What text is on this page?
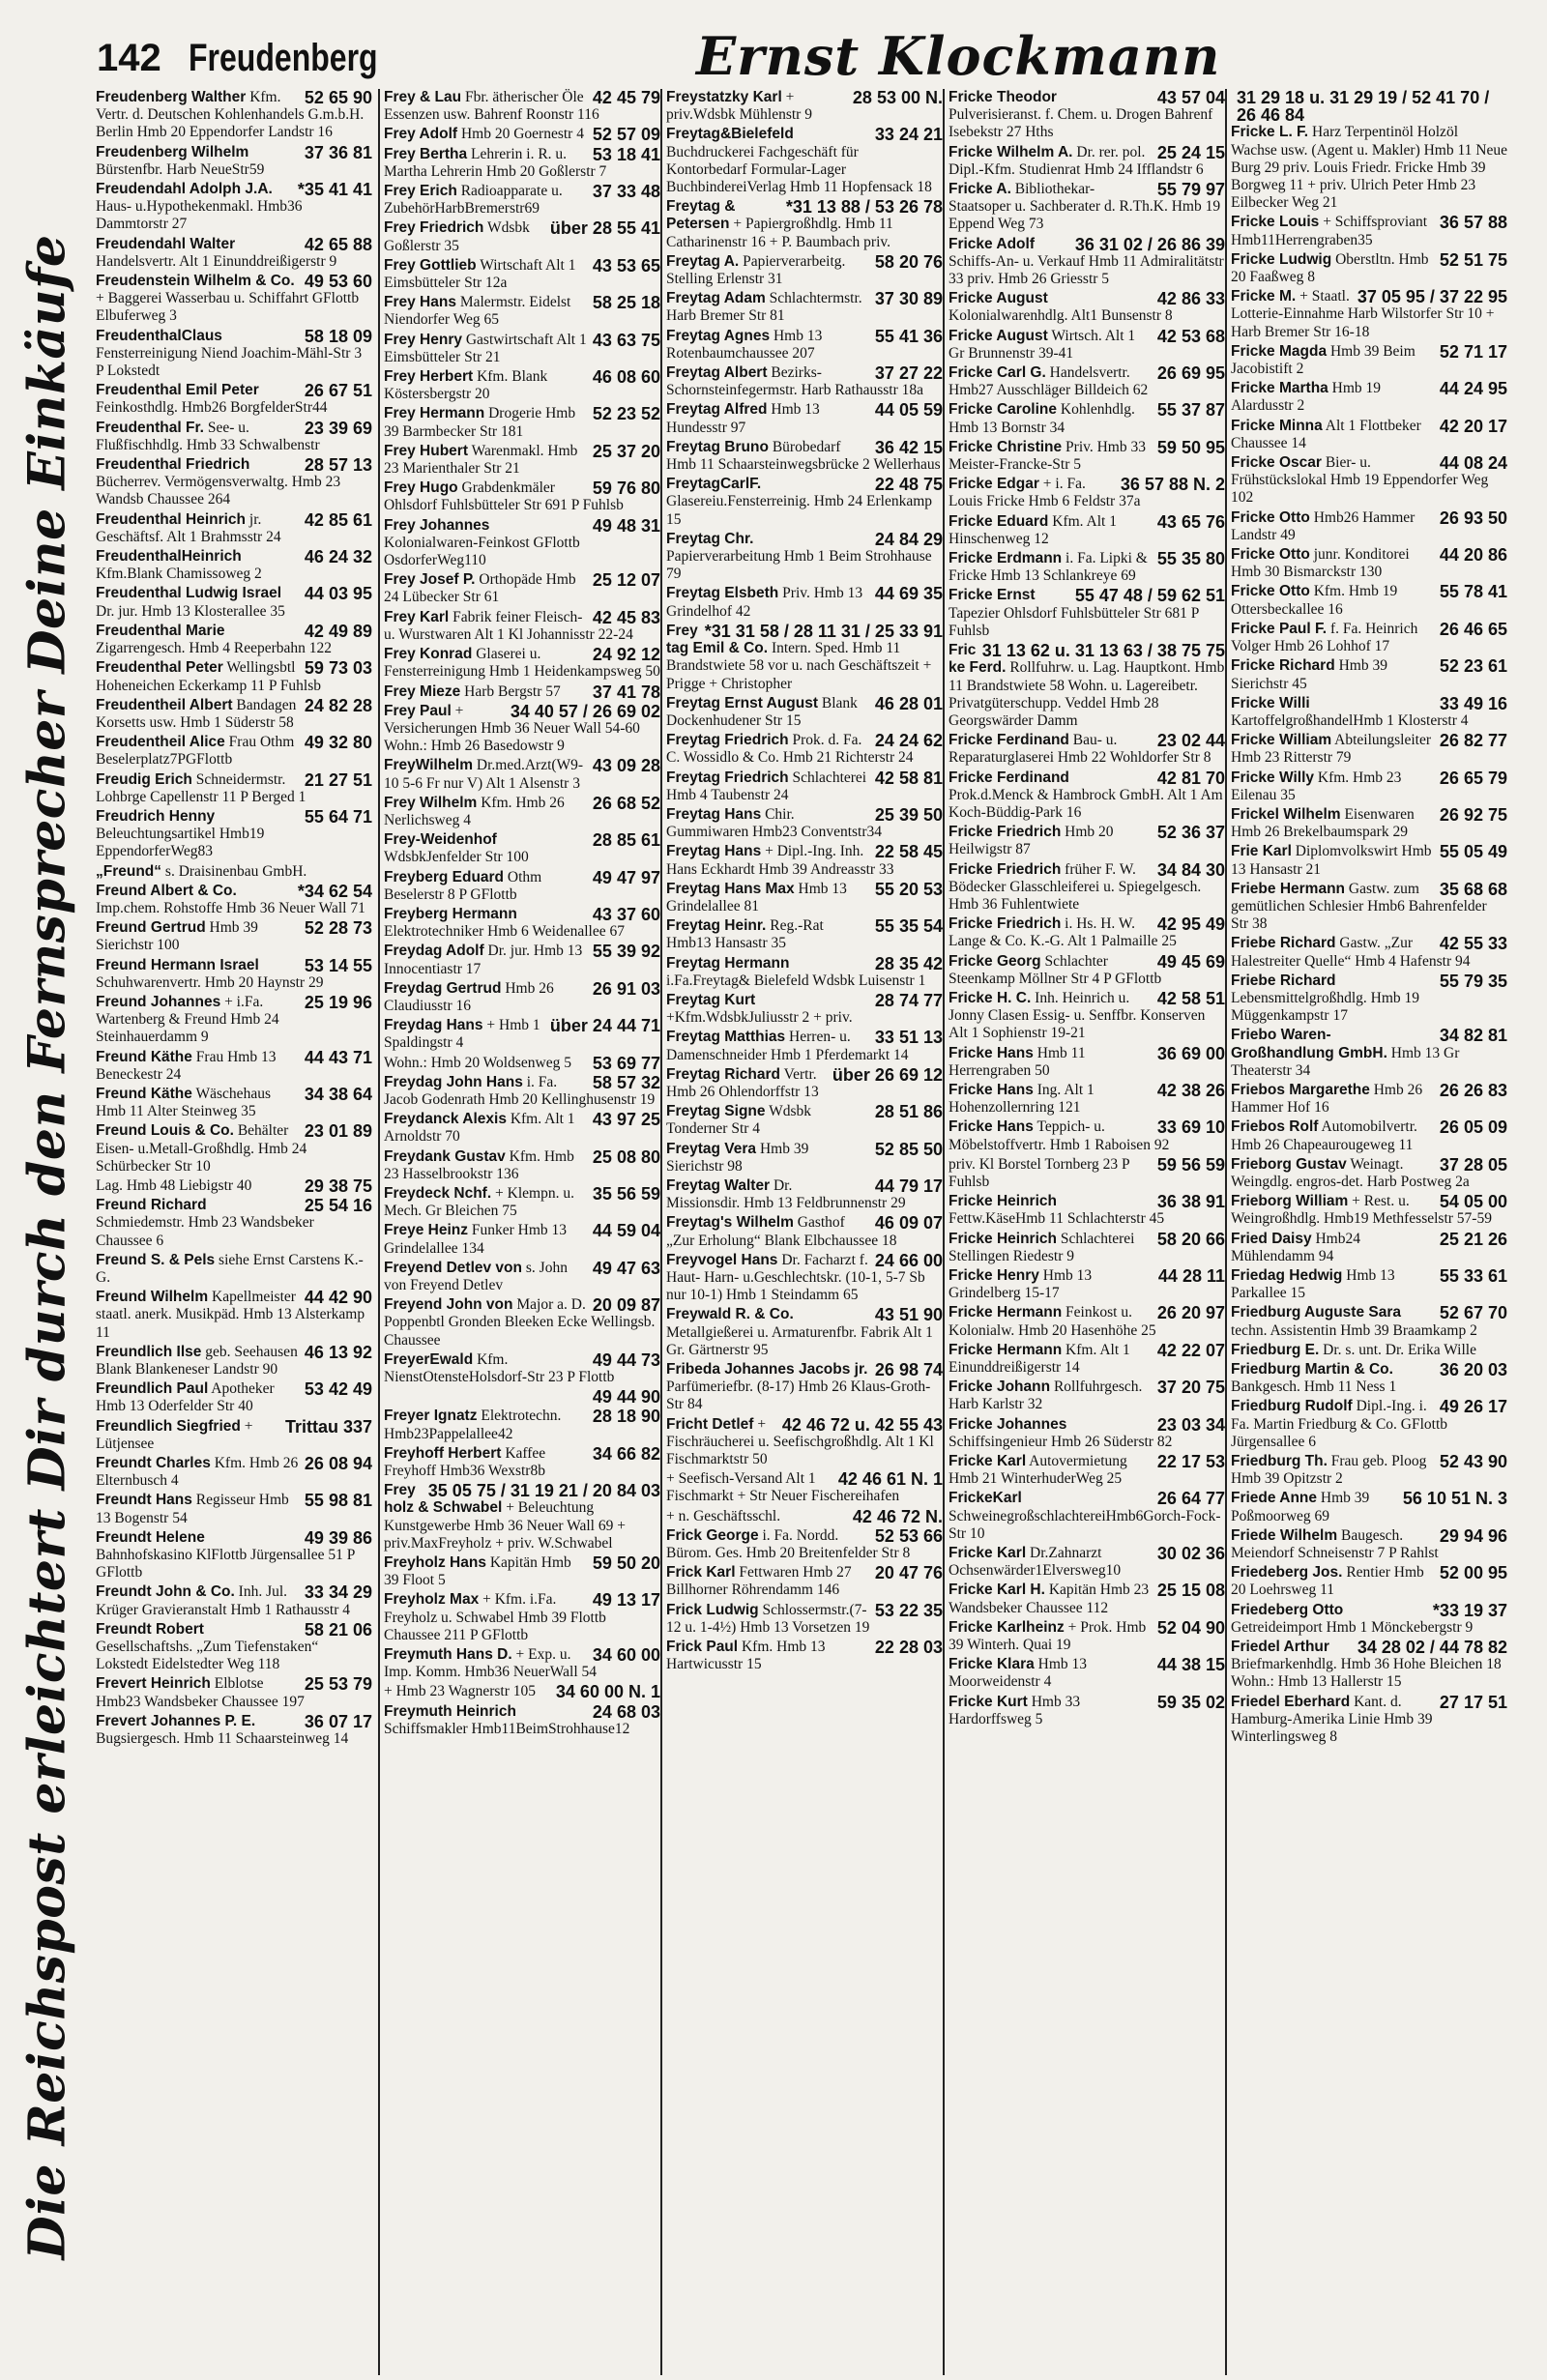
142 Freudenberg	Ernst Klockmann
Die Reichspost erleichtert Dir durch den Fernsprecher Deine Einkäufe
52 65 90
Freudenberg Walther Kfm. Vertr. d. Deutschen Kohlenhandels G.m.b.H. Berlin Hmb 20 Eppendorfer Landstr 16
37 36 81
Freudenberg Wilhelm Bürstenfbr. Harb NeueStr59
*35 41 41
Freudendahl Adolph J.A. Haus- u.Hypothekenmakl. Hmb36 Dammtorstr 27
42 65 88
Freudendahl Walter Handelsvertr. Alt 1 Einunddreißigerstr 9
49 53 60
Freudenstein Wilhelm & Co. + Baggerei Wasserbau u. Schiffahrt GFlottb Elbuferweg 3
58 18 09
FreudenthalClaus Fensterreinigung Niend Joachim-Mähl-Str 3 P Lokstedt
26 67 51
Freudenthal Emil Peter Feinkosthdlg. Hmb26 BorgfelderStr44
23 39 69
Freudenthal Fr. See- u. Flußfischhdlg. Hmb 33 Schwalbenstr
28 57 13
Freudenthal Friedrich Bücherrev. Vermögensverwaltg. Hmb 23 Wandsb Chaussee 264
42 85 61
Freudenthal Heinrich jr. Geschäftsf. Alt 1 Brahmsstr 24
46 24 32
FreudenthalHeinrich Kfm.Blank Chamissoweg 2
44 03 95
Freudenthal Ludwig Israel Dr. jur. Hmb 13 Klosterallee 35
42 49 89
Freudenthal Marie Zigarrengesch. Hmb 4 Reeperbahn 122
59 73 03
Freudenthal Peter Wellingsbtl Hoheneichen Eckerkamp 11 P Fuhlsb
24 82 28
Freudentheil Albert Bandagen Korsetts usw. Hmb 1 Süderstr 58
49 32 80
Freudentheil Alice Frau Othm Beselerplatz7PGFlottb
21 27 51
Freudig Erich Schneidermstr. Lohbrge Capellenstr 11 P Berged 1
55 64 71
Freudrich Henny Beleuchtungsartikel Hmb19 EppendorferWeg83
„Freund“ s. Draisinenbau GmbH.
*34 62 54
Freund Albert & Co. Imp.chem. Rohstoffe Hmb 36 Neuer Wall 71
52 28 73
Freund Gertrud Hmb 39 Sierichstr 100
53 14 55
Freund Hermann Israel Schuhwarenvertr. Hmb 20 Haynstr 29
25 19 96
Freund Johannes + i.Fa. Wartenberg & Freund Hmb 24 Steinhauerdamm 9
44 43 71
Freund Käthe Frau Hmb 13 Beneckestr 24
34 38 64
Freund Käthe Wäschehaus Hmb 11 Alter Steinweg 35
23 01 89
Freund Louis & Co. Behälter Eisen- u.Metall-Großhdlg. Hmb 24 Schürbecker Str 10
29 38 75
Lag. Hmb 48 Liebigstr 40
25 54 16
Freund Richard Schmiedemstr. Hmb 23 Wandsbeker Chaussee 6
Freund S. & Pels siehe Ernst Carstens K.-G.
44 42 90
Freund Wilhelm Kapellmeister staatl. anerk. Musikpäd. Hmb 13 Alsterkamp 11
46 13 92
Freundlich Ilse geb. Seehausen Blank Blankeneser Landstr 90
53 42 49
Freundlich Paul Apotheker Hmb 13 Oderfelder Str 40
Trittau 337
Freundlich Siegfried + Lütjensee
26 08 94
Freundt Charles Kfm. Hmb 26 Elternbusch 4
55 98 81
Freundt Hans Regisseur Hmb 13 Bogenstr 54
49 39 86
Freundt Helene Bahnhofskasino KlFlottb Jürgensallee 51 P GFlottb
33 34 29
Freundt John & Co. Inh. Jul. Krüger Gravieranstalt Hmb 1 Rathausstr 4
58 21 06
Freundt Robert Gesellschaftshs. „Zum Tiefenstaken“ Lokstedt Eidelstedter Weg 118
25 53 79
Frevert Heinrich Elblotse Hmb23 Wandsbeker Chaussee 197
36 07 17
Frevert Johannes P. E. Bugsiergesch. Hmb 11 Schaarsteinweg 14
42 45 79
Frey & Lau Fbr. ätherischer Öle Essenzen usw. Bahrenf Roonstr 116
52 57 09
Frey Adolf Hmb 20 Goernestr 4
53 18 41
Frey Bertha Lehrerin i. R. u. Martha Lehrerin Hmb 20 Goßlerstr 7
37 33 48
Frey Erich Radioapparate u. ZubehörHarbBremerstr69
über 28 55 41
Frey Friedrich Wdsbk Goßlerstr 35
43 53 65
Frey Gottlieb Wirtschaft Alt 1 Eimsbütteler Str 12a
58 25 18
Frey Hans Malermstr. Eidelst Niendorfer Weg 65
43 63 75
Frey Henry Gastwirtschaft Alt 1 Eimsbütteler Str 21
46 08 60
Frey Herbert Kfm. Blank Köstersbergstr 20
52 23 52
Frey Hermann Drogerie Hmb 39 Barmbecker Str 181
25 37 20
Frey Hubert Warenmakl. Hmb 23 Marienthaler Str 21
59 76 80
Frey Hugo Grabdenkmäler Ohlsdorf Fuhlsbütteler Str 691 P Fuhlsb
49 48 31
Frey Johannes Kolonialwaren-Feinkost GFlottb OsdorferWeg110
25 12 07
Frey Josef P. Orthopäde Hmb 24 Lübecker Str 61
42 45 83
Frey Karl Fabrik feiner Fleisch- u. Wurstwaren Alt 1 Kl Johannisstr 22-24
24 92 12
Frey Konrad Glaserei u. Fensterreinigung Hmb 1 Heidenkampsweg 50
37 41 78
Frey Mieze Harb Bergstr 57
34 40 57 / 26 69 02
Frey Paul + Versicherungen Hmb 36 Neuer Wall 54-60 Wohn.: Hmb 26 Basedowstr 9
43 09 28
FreyWilhelm Dr.med.Arzt(W9-10 5-6 Fr nur V) Alt 1 Alsenstr 3
26 68 52
Frey Wilhelm Kfm. Hmb 26 Nerlichsweg 4
28 85 61
Frey-Weidenhof WdsbkJenfelder Str 100
49 47 97
Freyberg Eduard Othm Beselerstr 8 P GFlottb
43 37 60
Freyberg Hermann Elektrotechniker Hmb 6 Weidenallee 67
55 39 92
Freydag Adolf Dr. jur. Hmb 13 Innocentiastr 17
26 91 03
Freydag Gertrud Hmb 26 Claudiusstr 16
über 24 44 71
Freydag Hans + Hmb 1 Spaldingstr 4
53 69 77
Wohn.: Hmb 20 Woldsenweg 5
58 57 32
Freydag John Hans i. Fa. Jacob Godenrath Hmb 20 Kellinghusenstr 19
43 97 25
Freydanck Alexis Kfm. Alt 1 Arnoldstr 70
25 08 80
Freydank Gustav Kfm. Hmb 23 Hasselbrookstr 136
35 56 59
Freydeck Nchf. + Klempn. u. Mech. Gr Bleichen 75
44 59 04
Freye Heinz Funker Hmb 13 Grindelallee 134
49 47 63
Freyend Detlev von s. John von Freyend Detlev
20 09 87
Freyend John von Major a. D. Poppenbtl Gronden Bleeken Ecke Wellingsb. Chaussee
49 44 73
FreyerEwald Kfm. NienstOtensteHolsdorf-Str 23 P Flottb
49 44 90
28 18 90
Freyer Ignatz Elektrotechn. Hmb23Pappelallee42
34 66 82
Freyhoff Herbert Kaffee Freyhoff Hmb36 Wexstr8b
35 05 75 / 31 19 21 / 20 84 03
Freyholz & Schwabel + Beleuchtung Kunstgewerbe Hmb 36 Neuer Wall 69 + priv.MaxFreyholz + priv. W.Schwabel
59 50 20
Freyholz Hans Kapitän Hmb 39 Floot 5
49 13 17
Freyholz Max + Kfm. i.Fa. Freyholz u. Schwabel Hmb 39 Flottb Chaussee 211 P GFlottb
34 60 00
Freymuth Hans D. + Exp. u. Imp. Komm. Hmb36 NeuerWall 54
34 60 00 N. 1
+ Hmb 23 Wagnerstr 105
24 68 03
Freymuth Heinrich Schiffsmakler Hmb11BeimStrohhause12
28 53 00 N.
Freystatzky Karl + priv.Wdsbk Mühlenstr 9
33 24 21
Freytag&Bielefeld Buchdruckerei Fachgeschäft für Kontorbedarf Formular-Lager BuchbindereiVerlag Hmb 11 Hopfensack 18
*31 13 88 / 53 26 78
Freytag & Petersen + Papiergroßhdlg. Hmb 11 Catharinenstr 16 + P. Baumbach priv.
58 20 76
Freytag A. Papierverarbeitg. Stelling Erlenstr 31
37 30 89
Freytag Adam Schlachtermstr. Harb Bremer Str 81
55 41 36
Freytag Agnes Hmb 13 Rotenbaumchaussee 207
37 27 22
Freytag Albert Bezirks-Schornsteinfegermstr. Harb Rathausstr 18a
44 05 59
Freytag Alfred Hmb 13 Hundesstr 97
36 42 15
Freytag Bruno Bürobedarf Hmb 11 Schaarsteinwegsbrücke 2 Wellerhaus
22 48 75
FreytagCarlF. Glasereiu.Fensterreinig. Hmb 24 Erlenkamp 15
24 84 29
Freytag Chr. Papierverarbeitung Hmb 1 Beim Strohhause 79
44 69 35
Freytag Elsbeth Priv. Hmb 13 Grindelhof 42
*31 31 58 / 28 11 31 / 25 33 91
Freytag Emil & Co. Intern. Sped. Hmb 11 Brandstwiete 58 vor u. nach Geschäftszeit + Prigge + Christopher
46 28 01
Freytag Ernst August Blank Dockenhudener Str 15
24 24 62
Freytag Friedrich Prok. d. Fa. C. Wossidlo & Co. Hmb 21 Richterstr 24
42 58 81
Freytag Friedrich Schlachterei Hmb 4 Taubenstr 24
25 39 50
Freytag Hans Chir. Gummiwaren Hmb23 Conventstr34
22 58 45
Freytag Hans + Dipl.-Ing. Inh. Hans Eckhardt Hmb 39 Andreasstr 33
55 20 53
Freytag Hans Max Hmb 13 Grindelallee 81
55 35 54
Freytag Heinr. Reg.-Rat Hmb13 Hansastr 35
28 35 42
Freytag Hermann i.Fa.Freytag& Bielefeld Wdsbk Luisenstr 1
28 74 77
Freytag Kurt +Kfm.WdsbkJuliusstr 2 + priv.
33 51 13
Freytag Matthias Herren- u. Damenschneider Hmb 1 Pferdemarkt 14
über 26 69 12
Freytag Richard Vertr. Hmb 26 Ohlendorffstr 13
28 51 86
Freytag Signe Wdsbk Tonderner Str 4
52 85 50
Freytag Vera Hmb 39 Sierichstr 98
44 79 17
Freytag Walter Dr. Missionsdir. Hmb 13 Feldbrunnenstr 29
46 09 07
Freytag's Wilhelm Gasthof „Zur Erholung“ Blank Elbchaussee 18
24 66 00
Freyvogel Hans Dr. Facharzt f. Haut- Harn- u.Geschlechtskr. (10-1, 5-7 Sb nur 10-1) Hmb 1 Steindamm 65
43 51 90
Freywald R. & Co. Metallgießerei u. Armaturenfbr. Fabrik Alt 1 Gr. Gärtnerstr 95
26 98 74
Fribeda Johannes Jacobs jr. Parfümeriefbr. (8-17) Hmb 26 Klaus-Groth-Str 84
42 46 72 u. 42 55 43
Fricht Detlef + Fischräucherei u. Seefischgroßhdlg. Alt 1 Kl Fischmarktstr 50
42 46 61 N. 1
+ Seefisch-Versand Alt 1 Fischmarkt + Str Neuer Fischereihafen
42 46 72 N.
+ n. Geschäftsschl.
52 53 66
Frick George i. Fa. Nordd. Bürom. Ges. Hmb 20 Breitenfelder Str 8
20 47 76
Frick Karl Fettwaren Hmb 27 Billhorner Röhrendamm 146
53 22 35
Frick Ludwig Schlossermstr.(7-12 u. 1-4½) Hmb 13 Vorsetzen 19
22 28 03
Frick Paul Kfm. Hmb 13 Hartwicusstr 15
43 57 04
Fricke Theodor Pulverisieranst. f. Chem. u. Drogen Bahrenf Isebekstr 27 Hths
25 24 15
Fricke Wilhelm A. Dr. rer. pol. Dipl.-Kfm. Studienrat Hmb 24 Ifflandstr 6
55 79 97
Fricke A. Bibliothekar-Staatsoper u. Sachberater d. R.Th.K. Hmb 19 Eppend Weg 73
36 31 02 / 26 86 39
Fricke Adolf Schiffs-An- u. Verkauf Hmb 11 Admiralitätstr 33 priv. Hmb 26 Griesstr 5
42 86 33
Fricke August Kolonialwarenhdlg. Alt1 Bunsenstr 8
42 53 68
Fricke August Wirtsch. Alt 1 Gr Brunnenstr 39-41
26 69 95
Fricke Carl G. Handelsvertr. Hmb27 Ausschläger Billdeich 62
55 37 87
Fricke Caroline Kohlenhdlg. Hmb 13 Bornstr 34
59 50 95
Fricke Christine Priv. Hmb 33 Meister-Francke-Str 5
36 57 88 N. 2
Fricke Edgar + i. Fa. Louis Fricke Hmb 6 Feldstr 37a
43 65 76
Fricke Eduard Kfm. Alt 1 Hinschenweg 12
55 35 80
Fricke Erdmann i. Fa. Lipki & Fricke Hmb 13 Schlankreye 69
55 47 48 / 59 62 51
Fricke Ernst Tapezier Ohlsdorf Fuhlsbütteler Str 681 P Fuhlsb
31 13 62 u. 31 13 63 / 38 75 75
Fricke Ferd. Rollfuhrw. u. Lag. Hauptkont. Hmb 11 Brandstwiete 58 Wohn. u. Lagereibetr. Privatgüterschupp. Veddel Hmb 28 Georgswärder Damm
23 02 44
Fricke Ferdinand Bau- u. Reparaturglaserei Hmb 22 Wohldorfer Str 8
42 81 70
Fricke Ferdinand Prok.d.Menck & Hambrock GmbH. Alt 1 Am Koch-Büddig-Park 16
52 36 37
Fricke Friedrich Hmb 20 Heilwigstr 87
34 84 30
Fricke Friedrich früher F. W. Bödecker Glasschleiferei u. Spiegelgesch. Hmb 36 Fuhlentwiete
42 95 49
Fricke Friedrich i. Hs. H. W. Lange & Co. K.-G. Alt 1 Palmaille 25
49 45 69
Fricke Georg Schlachter Steenkamp Möllner Str 4 P GFlottb
42 58 51
Fricke H. C. Inh. Heinrich u. Jonny Clasen Essig- u. Senffbr. Konserven Alt 1 Sophienstr 19-21
36 69 00
Fricke Hans Hmb 11 Herrengraben 50
42 38 26
Fricke Hans Ing. Alt 1 Hohenzollernring 121
33 69 10
Fricke Hans Teppich- u. Möbelstoffvertr. Hmb 1 Raboisen 92
59 56 59
priv. Kl Borstel Tornberg 23 P Fuhlsb
36 38 91
Fricke Heinrich Fettw.KäseHmb 11 Schlachterstr 45
58 20 66
Fricke Heinrich Schlachterei Stellingen Riedestr 9
44 28 11
Fricke Henry Hmb 13 Grindelberg 15-17
26 20 97
Fricke Hermann Feinkost u. Kolonialw. Hmb 20 Hasenhöhe 25
42 22 07
Fricke Hermann Kfm. Alt 1 Einunddreißigerstr 14
37 20 75
Fricke Johann Rollfuhrgesch. Harb Karlstr 32
23 03 34
Fricke Johannes Schiffsingenieur Hmb 26 Süderstr 82
22 17 53
Fricke Karl Autovermietung Hmb 21 WinterhuderWeg 25
26 64 77
FrickeKarl SchweinegroßschlachtereiHmb6Gorch-Fock-Str 10
30 02 36
Fricke Karl Dr.Zahnarzt Ochsenwärder1Elversweg10
25 15 08
Fricke Karl H. Kapitän Hmb 23 Wandsbeker Chaussee 112
52 04 90
Fricke Karlheinz + Prok. Hmb 39 Winterh. Quai 19
44 38 15
Fricke Klara Hmb 13 Moorweidenstr 4
59 35 02
Fricke Kurt Hmb 33 Hardorffsweg 5
31 29 18 u. 31 29 19 / 52 41 70 / 26 46 84
Fricke L. F. Harz Terpentinöl Holzöl Wachse usw. (Agent u. Makler) Hmb 11 Neue Burg 29 priv. Louis Friedr. Fricke Hmb 39 Borgweg 11 + priv. Ulrich Peter Hmb 23 Eilbecker Weg 21
36 57 88
Fricke Louis + Schiffsproviant Hmb11Herrengraben35
52 51 75
Fricke Ludwig Oberstltn. Hmb 20 Faaßweg 8
37 05 95 / 37 22 95
Fricke M. + Staatl. Lotterie-Einnahme Harb Wilstorfer Str 10 + Harb Bremer Str 16-18
52 71 17
Fricke Magda Hmb 39 Beim Jacobistift 2
44 24 95
Fricke Martha Hmb 19 Alardusstr 2
42 20 17
Fricke Minna Alt 1 Flottbeker Chaussee 14
44 08 24
Fricke Oscar Bier- u. Frühstückslokal Hmb 19 Eppendorfer Weg 102
26 93 50
Fricke Otto Hmb26 Hammer Landstr 49
44 20 86
Fricke Otto junr. Konditorei Hmb 30 Bismarckstr 130
55 78 41
Fricke Otto Kfm. Hmb 19 Ottersbeckallee 16
26 46 65
Fricke Paul F. f. Fa. Heinrich Volger Hmb 26 Lohhof 17
52 23 61
Fricke Richard Hmb 39 Sierichstr 45
33 49 16
Fricke Willi KartoffelgroßhandelHmb 1 Klosterstr 4
26 82 77
Fricke William Abteilungsleiter Hmb 23 Ritterstr 79
26 65 79
Fricke Willy Kfm. Hmb 23 Eilenau 35
26 92 75
Frickel Wilhelm Eisenwaren Hmb 26 Brekelbaumspark 29
55 05 49
Frie Karl Diplomvolkswirt Hmb 13 Hansastr 21
35 68 68
Friebe Hermann Gastw. zum gemütlichen Schlesier Hmb6 Bahrenfelder Str 38
42 55 33
Friebe Richard Gastw. „Zur Halestreiter Quelle“ Hmb 4 Hafenstr 94
55 79 35
Friebe Richard Lebensmittelgroßhdlg. Hmb 19 Müggenkampstr 17
34 82 81
Friebo Waren-Großhandlung GmbH. Hmb 13 Gr Theaterstr 34
26 26 83
Friebos Margarethe Hmb 26 Hammer Hof 16
26 05 09
Friebos Rolf Automobilvertr. Hmb 26 Chapeaurougeweg 11
37 28 05
Frieborg Gustav Weinagt. Weingdlg. engros-det. Harb Postweg 2a
54 05 00
Frieborg William + Rest. u. Weingroßhdlg. Hmb19 Methfesselstr 57-59
25 21 26
Fried Daisy Hmb24 Mühlendamm 94
55 33 61
Friedag Hedwig Hmb 13 Parkallee 15
52 67 70
Friedburg Auguste Sara techn. Assistentin Hmb 39 Braamkamp 2
Friedburg E. Dr. s. unt. Dr. Erika Wille
36 20 03
Friedburg Martin & Co. Bankgesch. Hmb 11 Ness 1
49 26 17
Friedburg Rudolf Dipl.-Ing. i. Fa. Martin Friedburg & Co. GFlottb Jürgensallee 6
52 43 90
Friedburg Th. Frau geb. Ploog Hmb 39 Opitzstr 2
56 10 51 N. 3
Friede Anne Hmb 39 Poßmoorweg 69
29 94 96
Friede Wilhelm Baugesch. Meiendorf Schneisenstr 7 P Rahlst
52 00 95
Friedeberg Jos. Rentier Hmb 20 Loehrsweg 11
*33 19 37
Friedeberg Otto Getreideimport Hmb 1 Mönckebergstr 9
34 28 02 / 44 78 82
Friedel Arthur Briefmarkenhdlg. Hmb 36 Hohe Bleichen 18 Wohn.: Hmb 13 Hallerstr 15
27 17 51
Friedel Eberhard Kant. d. Hamburg-Amerika Linie Hmb 39 Winterlingsweg 8
